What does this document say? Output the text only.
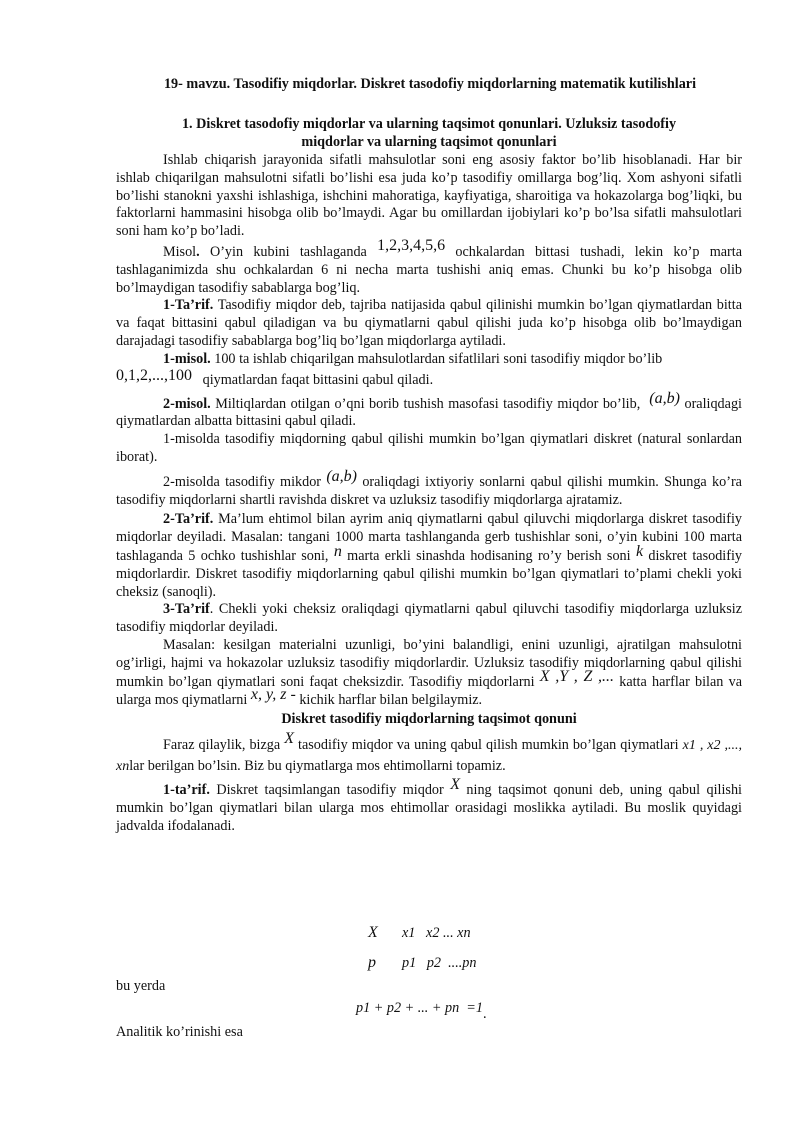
19- mavzu. Tasodifiy miqdorlar. Diskret tasodofiy miqdorlarning matematik kutilishlari
1. Diskret tasodofiy miqdorlar va ularning taqsimot qonunlari. Uzluksiz tasodofiy
miqdorlar va ularning taqsimot qonunlari

Ishlab chiqarish jarayonida sifatli mahsulotlar soni eng asosiy faktor bo’lib hisoblanadi. Har bir ishlab chiqarilgan mahsulotni sifatli bo’lishi esa juda ko’p tasodifiy omillarga bog’liq. Xom ashyoni sifatli bo’lishi stanokni yaxshi ishlashiga, ishchini mahoratiga, kayfiyatiga, sharoitiga va hokazolarga bog’liqki, bu faktorlarni hammasini hisobga olib bo’lmaydi. Agar bu omillardan ijobiylari ko’p bo’lsa sifatli mahsulotlari soni ham ko’p bo’ladi.

Misol. O’yin kubini tashlaganda 1,2,3,4,5,6 ochkalardan bittasi tushadi, lekin ko’p marta tashlaganimizda shu ochkalardan 6 ni necha marta tushishi aniq emas. Chunki bu ko’p hisobga olib bo’lmaydigan tasodifiy sabablarga bog’liq.

1-Ta’rif. Tasodifiy miqdor deb, tajriba natijasida qabul qilinishi mumkin bo’lgan qiymatlardan bitta va faqat bittasini qabul qiladigan va bu qiymatlarni qabul qilishi juda ko’p hisobga olib bo’lmaydigan darajadagi tasodifiy sabablarga bog’liq bo’lgan miqdorlarga aytiladi.

1-misol. 100 ta ishlab chiqarilgan mahsulotlardan sifatlilari soni tasodifiy miqdor bo’lib

0,1,2,...,100 qiymatlardan faqat bittasini qabul qiladi.

2-misol. Miltiqlardan otilgan o’qni borib tushish masofasi tasodifiy miqdor bo’lib, (a,b) oraliqdagi qiymatlardan albatta bittasini qabul qiladi.

1-misolda tasodifiy miqdorning qabul qilishi mumkin bo’lgan qiymatlari diskret (natural sonlardan iborat).

2-misolda tasodifiy mikdor (a,b) oraliqdagi ixtiyoriy sonlarni qabul qilishi mumkin. Shunga ko’ra tasodifiy miqdorlarni shartli ravishda diskret va uzluksiz tasodifiy miqdorlarga ajratamiz.

2-Ta’rif. Ma’lum ehtimol bilan ayrim aniq qiymatlarni qabul qiluvchi miqdorlarga diskret tasodifiy miqdorlar deyiladi. Masalan: tangani 1000 marta tashlanganda gerb tushishlar soni, o’yin kubini 100 marta tashlaganda 5 ochko tushishlar soni, n marta erkli sinashda hodisaning ro’y berish soni k diskret tasodifiy miqdorlardir. Diskret tasodifiy miqdorlarning qabul qilishi mumkin bo’lgan qiymatlari to’plami chekli yoki cheksiz (sanoqli).

3-Ta’rif. Chekli yoki cheksiz oraliqdagi qiymatlarni qabul qiluvchi tasodifiy miqdorlarga uzluksiz tasodifiy miqdorlar deyiladi.

Masalan: kesilgan materialni uzunligi, bo’yini balandligi, enini uzunligi, ajratilgan mahsulotni og’irligi, hajmi va hokazolar uzluksiz tasodifiy miqdorlardir. Uzluksiz tasodifiy miqdorlarning qabul qilishi mumkin bo’lgan qiymatlari soni faqat cheksizdir. Tasodifiy miqdorlarni X ,Y , Z ,... katta harflar bilan va ularga mos qiymatlarni x, y, z - kichik harflar bilan belgilaymiz.

Diskret tasodifiy miqdorlarning taqsimot qonuni

Faraz qilaylik, bizga X tasodifiy miqdor va uning qabul qilish mumkin bo’lgan qiymatlari x1 , x2 ,..., xnlar berilgan bo’lsin. Biz bu qiymatlarga mos ehtimollarni topamiz.

1-ta’rif. Diskret taqsimlangan tasodifiy miqdor X ning taqsimot qonuni deb, uning qabul qilishi mumkin bo’lgan qiymatlari bilan ularga mos ehtimollar orasidagi moslikka aytiladi. Bu moslik quyidagi jadvalda ifodalanadi.

X	x1   x2 ... xn
p	p1   p2  ....pn
bu yerda
p1 + p2 + ... + pn  =1.
Analitik ko’rinishi esa
